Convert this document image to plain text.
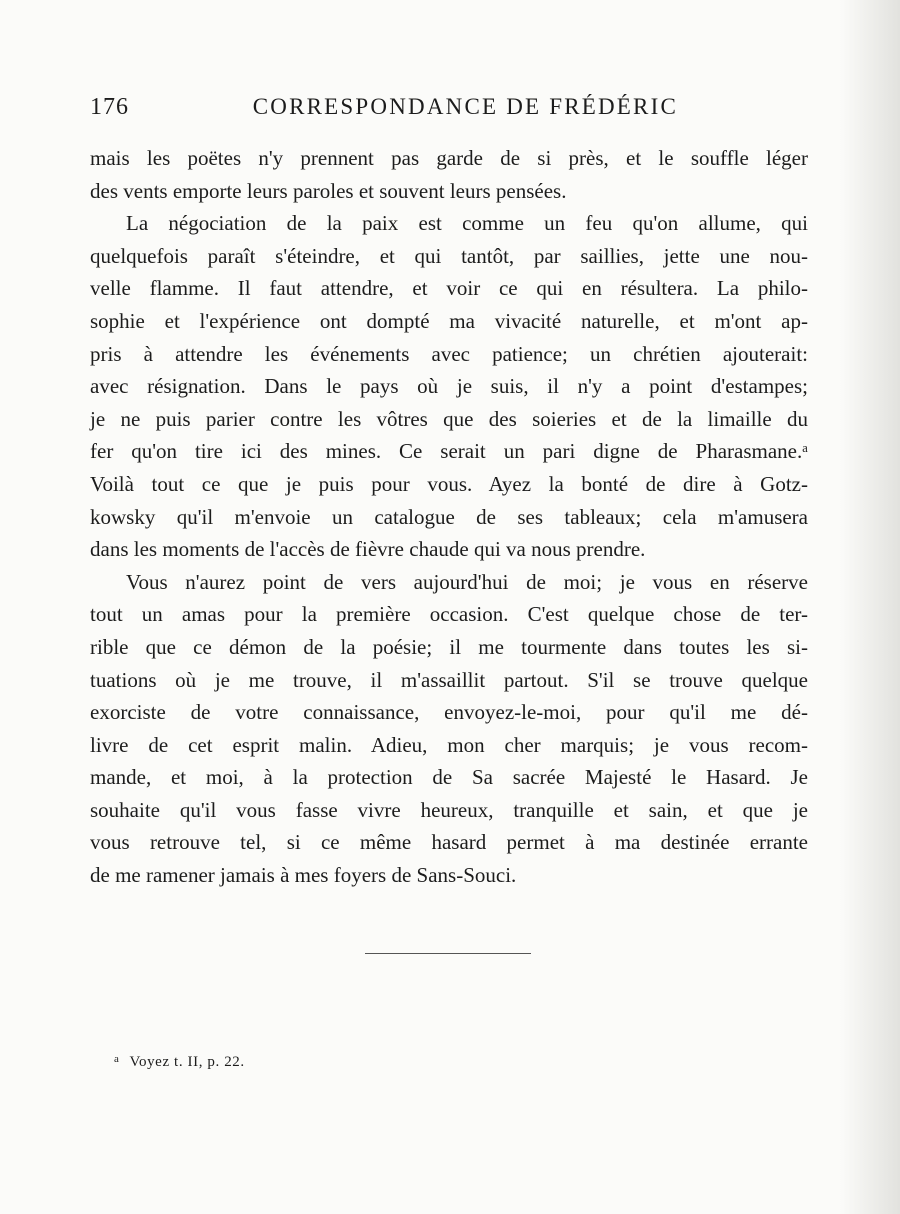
176	CORRESPONDANCE DE FRÉDÉRIC
mais les poëtes n'y prennent pas garde de si près, et le souffle léger
des vents emporte leurs paroles et souvent leurs pensées.
La négociation de la paix est comme un feu qu'on allume, qui
quelquefois paraît s'éteindre, et qui tantôt, par saillies, jette une nou-
velle flamme. Il faut attendre, et voir ce qui en résultera. La philo-
sophie et l'expérience ont dompté ma vivacité naturelle, et m'ont ap-
pris à attendre les événements avec patience; un chrétien ajouterait:
avec résignation. Dans le pays où je suis, il n'y a point d'estampes;
je ne puis parier contre les vôtres que des soieries et de la limaille du
fer qu'on tire ici des mines. Ce serait un pari digne de Pharasmane.ᵃ
Voilà tout ce que je puis pour vous. Ayez la bonté de dire à Gotz-
kowsky qu'il m'envoie un catalogue de ses tableaux; cela m'amusera
dans les moments de l'accès de fièvre chaude qui va nous prendre.
Vous n'aurez point de vers aujourd'hui de moi; je vous en réserve
tout un amas pour la première occasion. C'est quelque chose de ter-
rible que ce démon de la poésie; il me tourmente dans toutes les si-
tuations où je me trouve, il m'assaillit partout. S'il se trouve quelque
exorciste de votre connaissance, envoyez-le-moi, pour qu'il me dé-
livre de cet esprit malin. Adieu, mon cher marquis; je vous recom-
mande, et moi, à la protection de Sa sacrée Majesté le Hasard. Je
souhaite qu'il vous fasse vivre heureux, tranquille et sain, et que je
vous retrouve tel, si ce même hasard permet à ma destinée errante
de me ramener jamais à mes foyers de Sans-Souci.
$^a$ Voyez t. II, p. 22.
